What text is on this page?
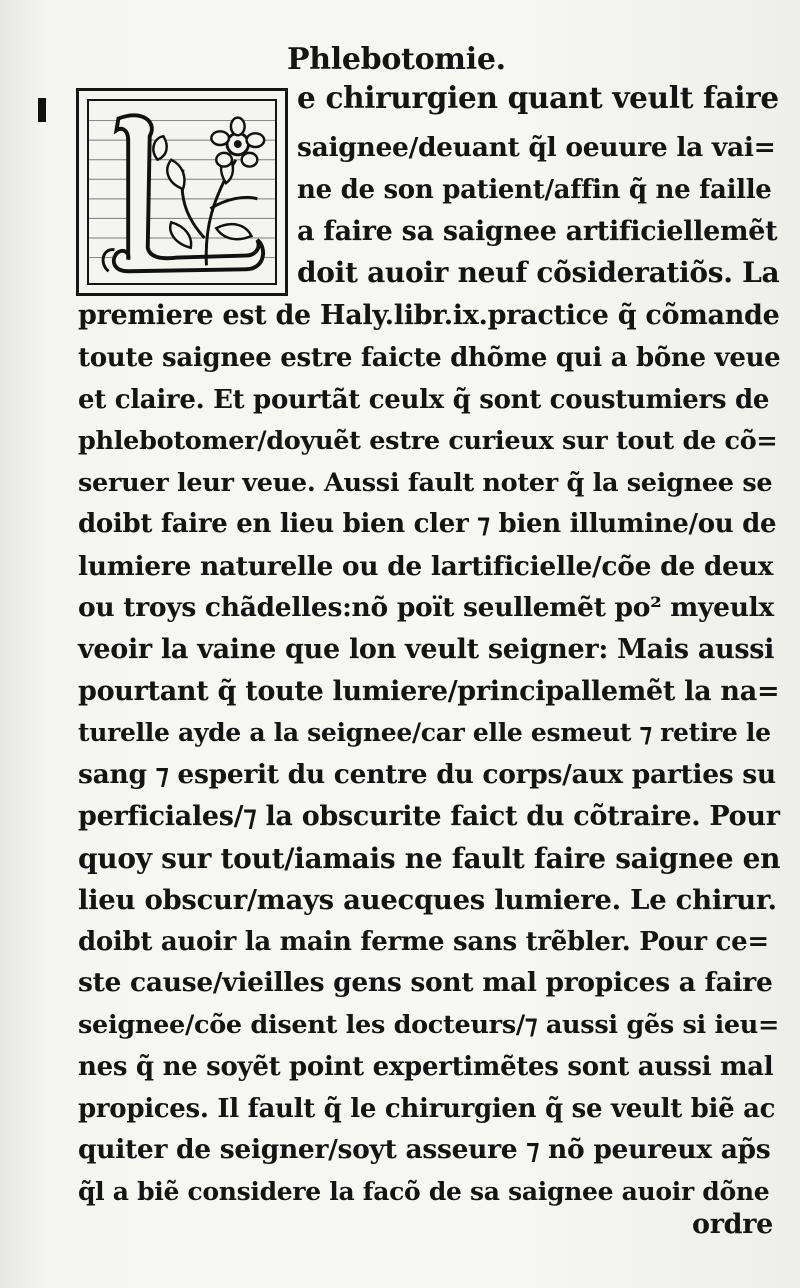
Phlebotomie.
e chirurgien quant veult faire
saignee/deuant q̃l oeuure la vai=
ne de son patient/affin q̃ ne faille
a faire sa saignee artificiellemẽt
doit auoir neuf cõsideratiõs. La
premiere est de Haly.libr.ix.practice q̃ cõmande
toute saignee estre faicte dhõme qui a bõne veue
et claire. Et pourtãt ceulx q̃ sont coustumiers de
phlebotomer/doyuẽt estre curieux sur tout de cõ=
seruer leur veue. Aussi fault noter q̃ la seignee se
doibt faire en lieu bien cler ⁊ bien illumine/ou de
lumiere naturelle ou de lartificielle/cõe de deux
ou troys chãdelles:nõ poït seullemẽt po² myeulx
veoir la vaine que lon veult seigner: Mais aussi
pourtant q̃ toute lumiere/principallemẽt la na=
turelle ayde a la seignee/car elle esmeut ⁊ retire le
sang ⁊ esperit du centre du corps/aux parties su
perficiales/⁊ la obscurite faict du cõtraire. Pour
quoy sur tout/iamais ne fault faire saignee en
lieu obscur/mays auecques lumiere. Le chirur.
doibt auoir la main ferme sans trẽbler. Pour ce=
ste cause/vieilles gens sont mal propices a faire
seignee/cõe disent les docteurs/⁊ aussi gẽs si ieu=
nes q̃ ne soyẽt point expertimẽtes sont aussi mal
propices. Il fault q̃ le chirurgien q̃ se veult biẽ ac
quiter de seigner/soyt asseure ⁊ nõ peureux ap̃s
q̃l a biẽ considere la facõ de sa saignee auoir dõne
ordre
